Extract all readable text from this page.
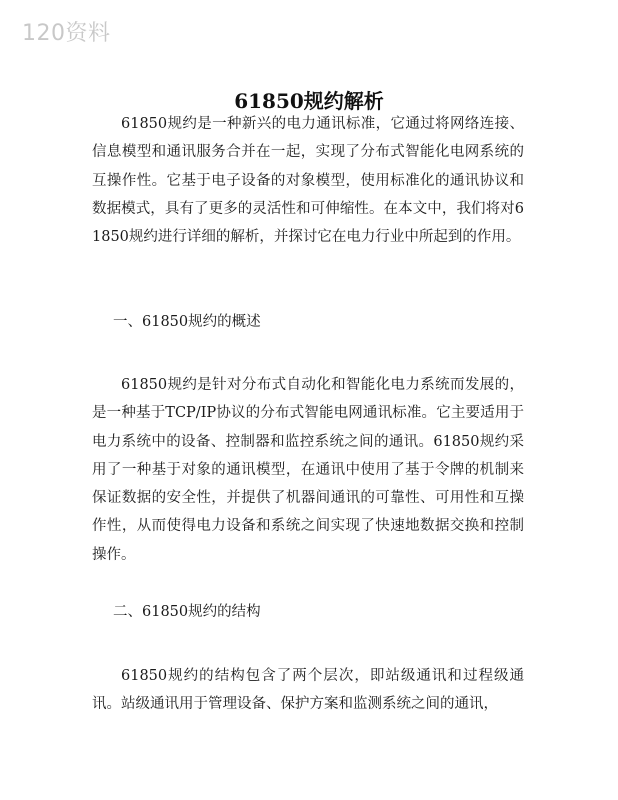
120资料
61850规约解析

61850规约是一种新兴的电力通讯标准，它通过将网络连接、信息模型和通讯服务合并在一起，实现了分布式智能化电网系统的互操作性。它基于电子设备的对象模型，使用标准化的通讯协议和数据模式，具有了更多的灵活性和可伸缩性。在本文中，我们将对61850规约进行详细的解析，并探讨它在电力行业中所起到的作用。

一、61850规约的概述

61850规约是针对分布式自动化和智能化电力系统而发展的，是一种基于TCP/IP协议的分布式智能电网通讯标准。它主要适用于电力系统中的设备、控制器和监控系统之间的通讯。61850规约采用了一种基于对象的通讯模型，在通讯中使用了基于令牌的机制来保证数据的安全性，并提供了机器间通讯的可靠性、可用性和互操作性，从而使得电力设备和系统之间实现了快速地数据交换和控制操作。

二、61850规约的结构

61850规约的结构包含了两个层次，即站级通讯和过程级通讯。站级通讯用于管理设备、保护方案和监测系统之间的通讯，
